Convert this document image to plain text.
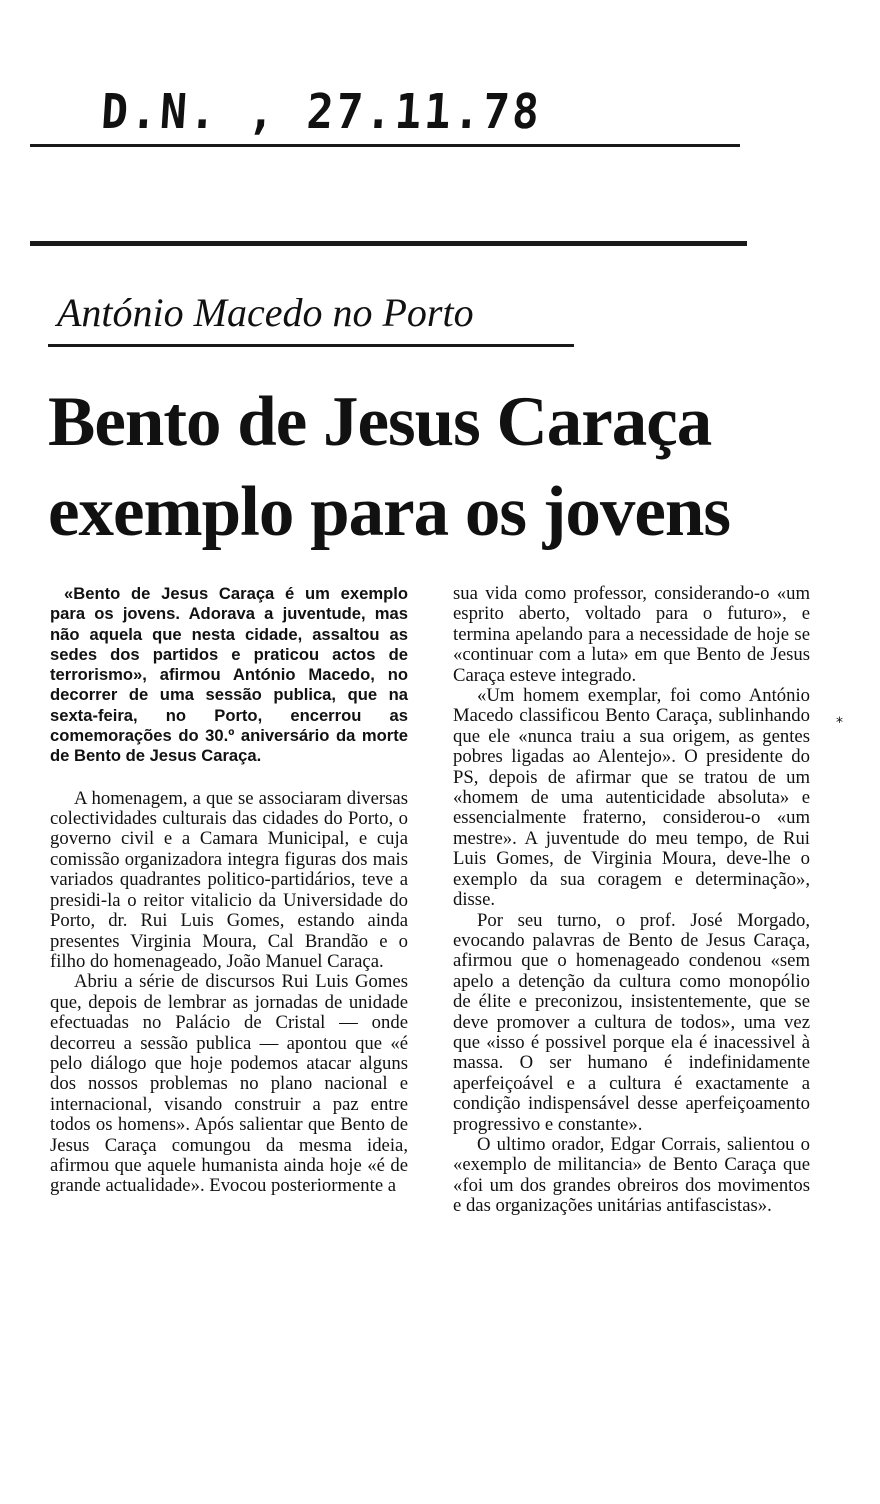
D.N. , 27.11.78
António Macedo no Porto
Bento de Jesus Caraça
exemplo para os jovens

«Bento de Jesus Caraça é um exemplo para os jovens. Adorava a juventude, mas não aquela que nesta cidade, assaltou as sedes dos partidos e praticou actos de terrorismo», afirmou António Macedo, no decorrer de uma sessão publica, que na sexta-feira, no Porto, encerrou as comemorações do 30.º aniversário da morte de Bento de Jesus Caraça.

A homenagem, a que se associaram diversas colectividades culturais das cidades do Porto, o governo civil e a Camara Municipal, e cuja comissão organizadora integra figuras dos mais variados quadrantes politico-partidários, teve a presidi-la o reitor vitalicio da Universidade do Porto, dr. Rui Luis Gomes, estando ainda presentes Virginia Moura, Cal Brandão e o filho do homenageado, João Manuel Caraça.

Abriu a série de discursos Rui Luis Gomes que, depois de lembrar as jornadas de unidade efectuadas no Palácio de Cristal — onde decorreu a sessão publica — apontou que «é pelo diálogo que hoje podemos atacar alguns dos nossos problemas no plano nacional e internacional, visando construir a paz entre todos os homens». Após salientar que Bento de Jesus Caraça comungou da mesma ideia, afirmou que aquele humanista ainda hoje «é de grande actualidade». Evocou posteriormente a

sua vida como professor, considerando-o «um esprito aberto, voltado para o futuro», e termina apelando para a necessidade de hoje se «continuar com a luta» em que Bento de Jesus Caraça esteve integrado.

«Um homem exemplar, foi como António Macedo classificou Bento Caraça, sublinhando que ele «nunca traiu a sua origem, as gentes pobres ligadas ao Alentejo». O presidente do PS, depois de afirmar que se tratou de um «homem de uma autenticidade absoluta» e essencialmente fraterno, considerou-o «um mestre». A juventude do meu tempo, de Rui Luis Gomes, de Virginia Moura, deve-lhe o exemplo da sua coragem e determinação», disse.

Por seu turno, o prof. José Morgado, evocando palavras de Bento de Jesus Caraça, afirmou que o homenageado condenou «sem apelo a detenção da cultura como monopólio de élite e preconizou, insistentemente, que se deve promover a cultura de todos», uma vez que «isso é possivel porque ela é inacessivel à massa. O ser humano é indefinidamente aperfeiçoável e a cultura é exactamente a condição indispensável desse aperfeiçoamento progressivo e constante».

O ultimo orador, Edgar Corrais, salientou o «exemplo de militancia» de Bento Caraça que «foi um dos grandes obreiros dos movimentos e das organizações unitárias antifascistas».

*
